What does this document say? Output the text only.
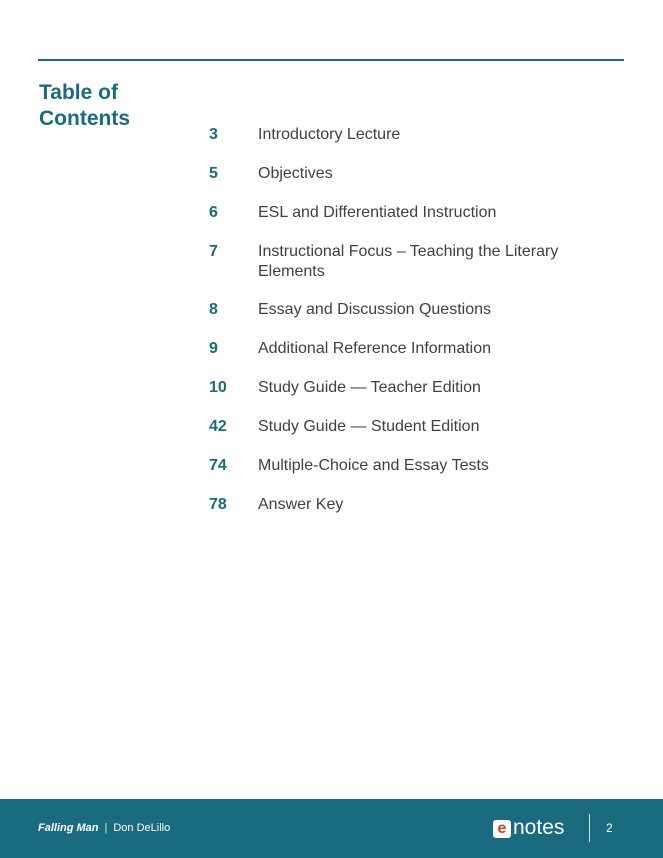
Table of Contents
3	Introductory Lecture
5	Objectives
6	ESL and Differentiated Instruction
7	Instructional Focus – Teaching the Literary Elements
8	Essay and Discussion Questions
9	Additional Reference Information
10 Study Guide — Teacher Edition
42 Study Guide — Student Edition
74 Multiple-Choice and Essay Tests
78 Answer Key
Falling Man | Don DeLillo	e notes	2
